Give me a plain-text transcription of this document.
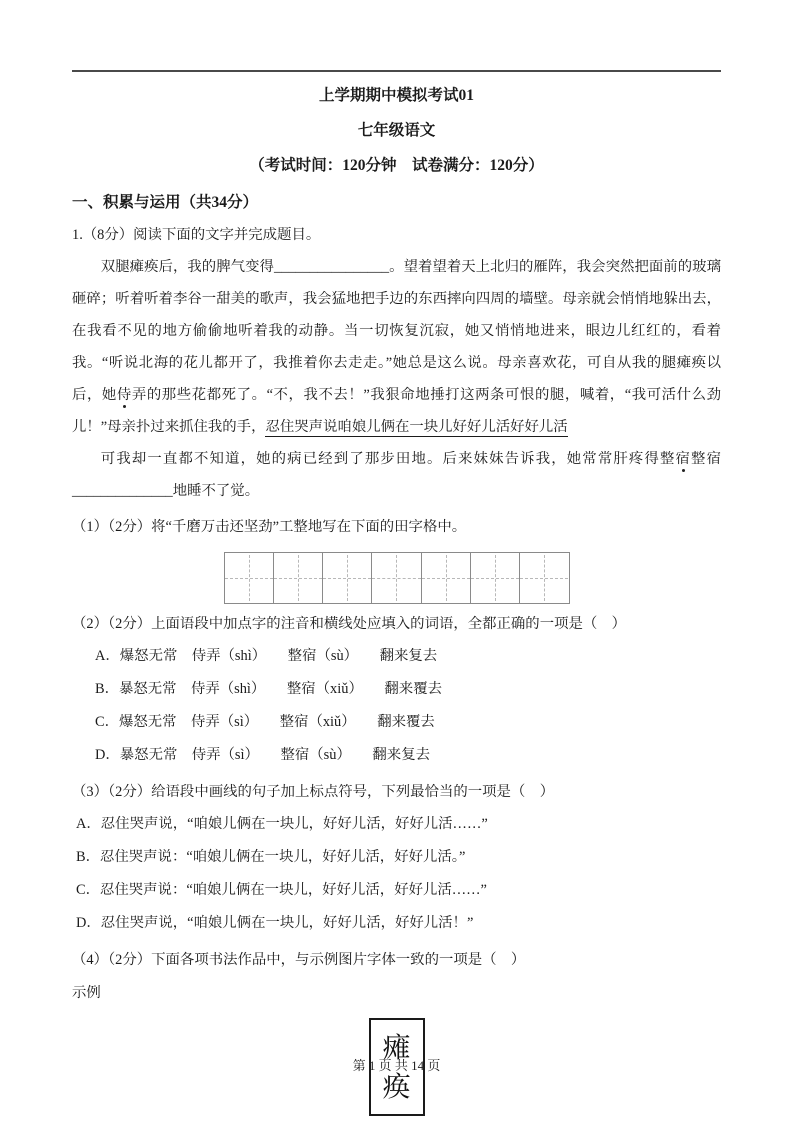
上学期期中模拟考试01
七年级语文
（考试时间：120分钟　试卷满分：120分）
一、积累与运用（共34分）
1.（8分）阅读下面的文字并完成题目。

双腿瘫痪后，我的脾气变得________________。望着望着天上北归的雁阵，我会突然把面前的玻璃砸碎；听着听着李谷一甜美的歌声，我会猛地把手边的东西摔向四周的墙壁。母亲就会悄悄地躲出去，在我看不见的地方偷偷地听着我的动静。当一切恢复沉寂，她又悄悄地进来，眼边儿红红的，看着我。“听说北海的花儿都开了，我推着你去走走。”她总是这么说。母亲喜欢花，可自从我的腿瘫痪以后，她侍弄的那些花都死了。“不，我不去！”我狠命地捶打这两条可恨的腿，喊着，“我可活什么劲儿！”母亲扑过来抓住我的手，忍住哭声说咱娘儿俩在一块儿好好儿活好好儿活

可我却一直都不知道，她的病已经到了那步田地。后来妹妹告诉我，她常常肝疼得整宿整宿______________地睡不了觉。

（1）（2分）将“千磨万击还坚劲”工整地写在下面的田字格中。
（2）（2分）上面语段中加点字的注音和横线处应填入的词语，全都正确的一项是（　）
A．爆怒无常　侍弄（shì）　　整宿（sù）　　翻来复去
B．暴怒无常　侍弄（shì）　　整宿（xiǔ）　　翻来覆去
C．爆怒无常　侍弄（sì）　　整宿（xiǔ）　　翻来覆去
D．暴怒无常　侍弄（sì）　　整宿（sù）　　翻来复去
（3）（2分）给语段中画线的句子加上标点符号，下列最恰当的一项是（　）
A．忍住哭声说，“咱娘儿俩在一块儿，好好儿活，好好儿活……”
B．忍住哭声说：“咱娘儿俩在一块儿，好好儿活，好好儿活。”
C．忍住哭声说：“咱娘儿俩在一块儿，好好儿活，好好儿活……”
D．忍住哭声说，“咱娘儿俩在一块儿，好好儿活，好好儿活！”
（4）（2分）下面各项书法作品中，与示例图片字体一致的一项是（　）
示例
瘫
痪
第 1 页 共 14 页
